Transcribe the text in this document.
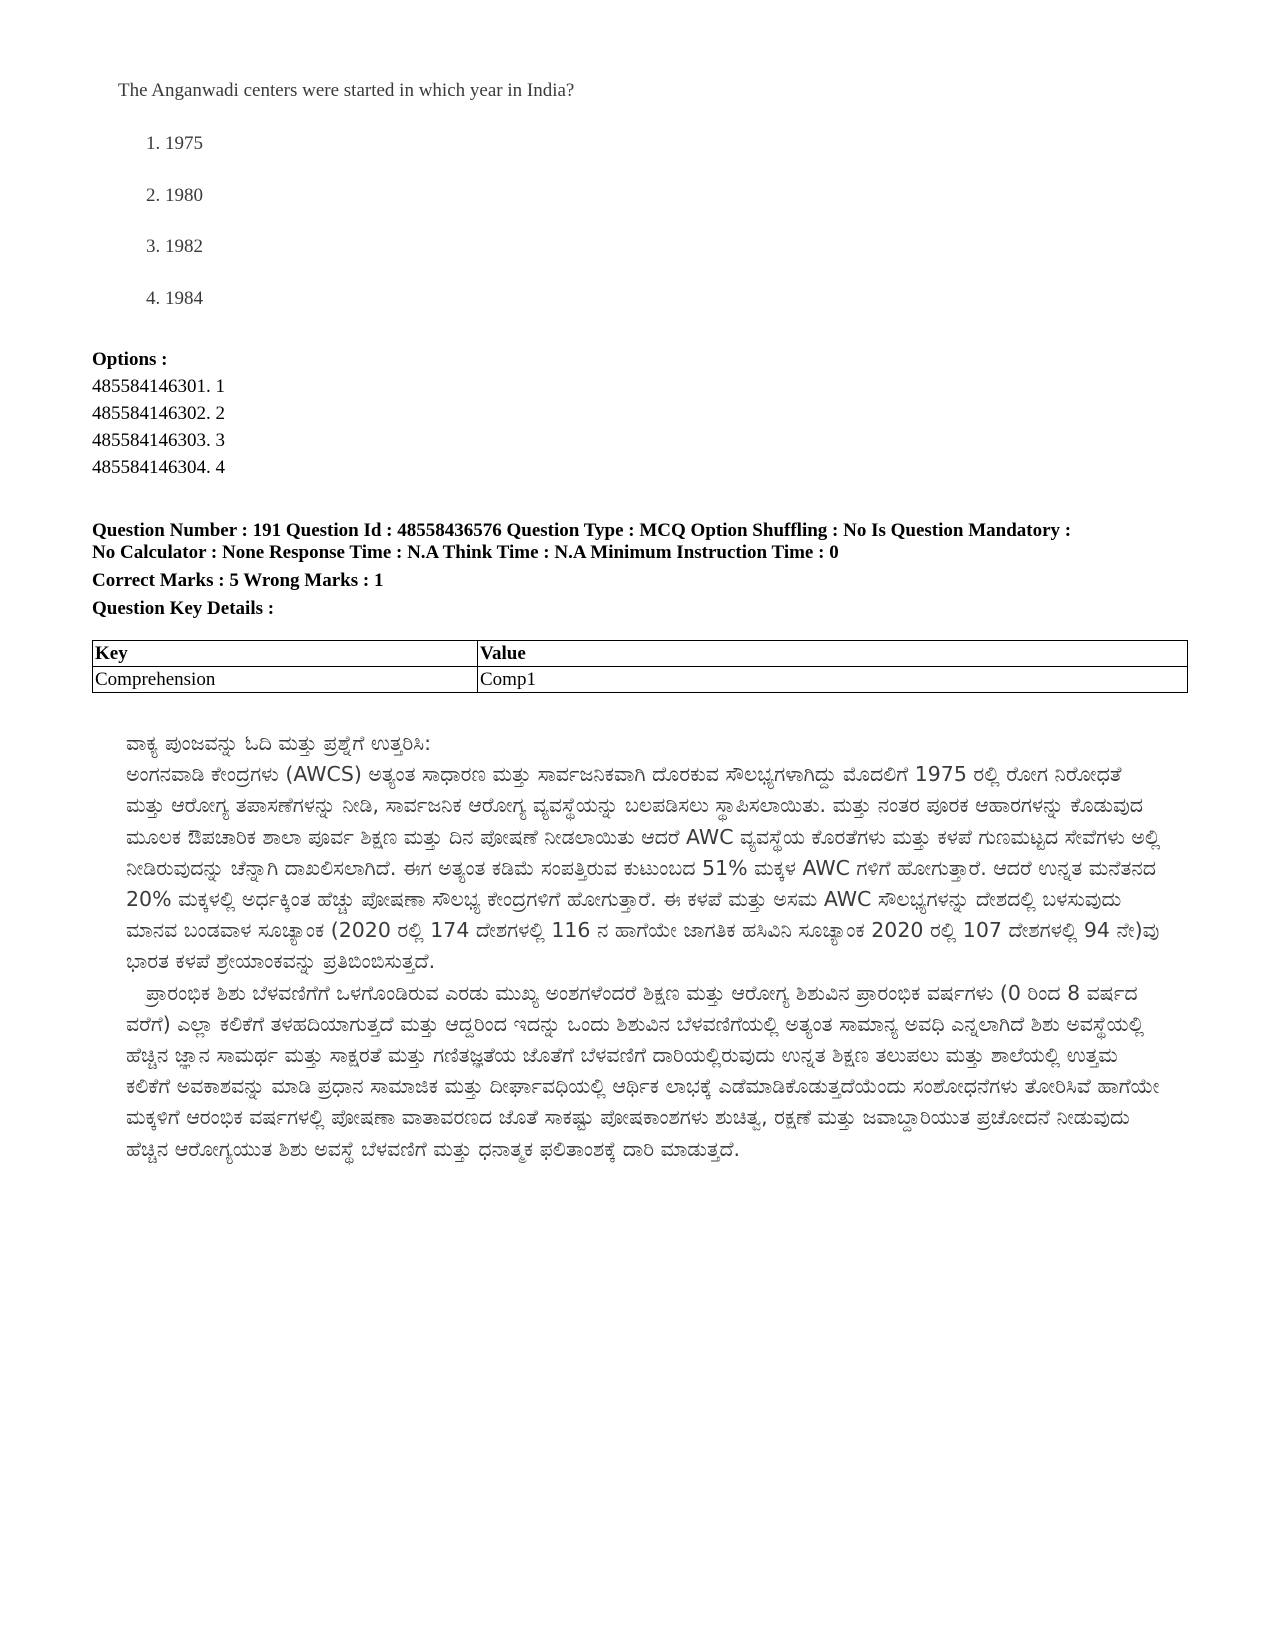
The Anganwadi centers were started in which year in India?
1. 1975
2. 1980
3. 1982
4. 1984
Options :
485584146301. 1
485584146302. 2
485584146303. 3
485584146304. 4
Question Number : 191 Question Id : 48558436576 Question Type : MCQ Option Shuffling : No Is Question Mandatory :
No Calculator : None Response Time : N.A Think Time : N.A Minimum Instruction Time : 0
Correct Marks : 5 Wrong Marks : 1
Question Key Details :
Key	Value
Comprehension	Comp1

ವಾಕ್ಯ ಪುಂಜವನ್ನು ಓದಿ ಮತ್ತು ಪ್ರಶ್ನೆಗೆ ಉತ್ತರಿಸಿ:

ಅಂಗನವಾಡಿ ಕೇಂದ್ರಗಳು (AWCS) ಅತ್ಯಂತ ಸಾಧಾರಣ ಮತ್ತು ಸಾರ್ವಜನಿಕವಾಗಿ ದೊರಕುವ ಸೌಲಭ್ಯಗಳಾಗಿದ್ದು ಮೊದಲಿಗೆ 1975 ರಲ್ಲಿ ರೋಗ ನಿರೋಧತೆ ಮತ್ತು ಆರೋಗ್ಯ ತಪಾಸಣೆಗಳನ್ನು ನೀಡಿ, ಸಾರ್ವಜನಿಕ ಆರೋಗ್ಯ ವ್ಯವಸ್ಥೆಯನ್ನು ಬಲಪಡಿಸಲು ಸ್ಥಾಪಿಸಲಾಯಿತು. ಮತ್ತು ನಂತರ ಪೂರಕ ಆಹಾರಗಳನ್ನು ಕೊಡುವುದ ಮೂಲಕ ಔಪಚಾರಿಕ ಶಾಲಾ ಪೂರ್ವ ಶಿಕ್ಷಣ ಮತ್ತು ದಿನ ಪೋಷಣೆ ನೀಡಲಾಯಿತು ಆದರೆ AWC ವ್ಯವಸ್ಥೆಯ ಕೊರತೆಗಳು ಮತ್ತು ಕಳಪೆ ಗುಣಮಟ್ಟದ ಸೇವೆಗಳು ಅಲ್ಲಿ ನೀಡಿರುವುದನ್ನು ಚೆನ್ನಾಗಿ ದಾಖಲಿಸಲಾಗಿದೆ. ಈಗ ಅತ್ಯಂತ ಕಡಿಮೆ ಸಂಪತ್ತಿರುವ ಕುಟುಂಬದ 51% ಮಕ್ಕಳ AWC ಗಳಿಗೆ ಹೋಗುತ್ತಾರೆ. ಆದರೆ ಉನ್ನತ ಮನೆತನದ 20% ಮಕ್ಕಳಲ್ಲಿ ಅರ್ಧಕ್ಕಿಂತ ಹೆಚ್ಚು ಪೋಷಣಾ ಸೌಲಭ್ಯ ಕೇಂದ್ರಗಳಿಗೆ ಹೋಗುತ್ತಾರೆ. ಈ ಕಳಪೆ ಮತ್ತು ಅಸಮ AWC ಸೌಲಭ್ಯಗಳನ್ನು ದೇಶದಲ್ಲಿ ಬಳಸುವುದು ಮಾನವ ಬಂಡವಾಳ ಸೂಚ್ಯಾಂಕ (2020 ರಲ್ಲಿ 174 ದೇಶಗಳಲ್ಲಿ 116 ನ ಹಾಗೆಯೇ ಜಾಗತಿಕ ಹಸಿವಿನಿ ಸೂಚ್ಯಾಂಕ 2020 ರಲ್ಲಿ 107 ದೇಶಗಳಲ್ಲಿ 94 ನೇ)ವು ಭಾರತ ಕಳಪೆ ಶ್ರೇಯಾಂಕವನ್ನು ಪ್ರತಿಬಿಂಬಿಸುತ್ತದೆ.

ಪ್ರಾರಂಭಿಕ ಶಿಶು ಬೆಳವಣಿಗೆಗೆ ಒಳಗೊಂಡಿರುವ ಎರಡು ಮುಖ್ಯ ಅಂಶಗಳೆಂದರೆ ಶಿಕ್ಷಣ ಮತ್ತು ಆರೋಗ್ಯ ಶಿಶುವಿನ ಪ್ರಾರಂಭಿಕ ವರ್ಷಗಳು (0 ರಿಂದ 8 ವರ್ಷದ ವರೆಗೆ) ಎಲ್ಲಾ ಕಲಿಕೆಗೆ ತಳಹದಿಯಾಗುತ್ತದೆ ಮತ್ತು ಆದ್ದರಿಂದ ಇದನ್ನು ಒಂದು ಶಿಶುವಿನ ಬೆಳವಣಿಗೆಯಲ್ಲಿ ಅತ್ಯಂತ ಸಾಮಾನ್ಯ ಅವಧಿ ಎನ್ನಲಾಗಿದೆ ಶಿಶು ಅವಸ್ಥೆಯಲ್ಲಿ ಹೆಚ್ಚಿನ ಜ್ಞಾನ ಸಾಮರ್ಥ ಮತ್ತು ಸಾಕ್ಷರತೆ ಮತ್ತು ಗಣಿತಜ್ಞತೆಯ ಜೊತೆಗೆ ಬೆಳವಣಿಗೆ ದಾರಿಯಲ್ಲಿರುವುದು ಉನ್ನತ ಶಿಕ್ಷಣ ತಲುಪಲು ಮತ್ತು ಶಾಲೆಯಲ್ಲಿ ಉತ್ತಮ ಕಲಿಕೆಗೆ ಅವಕಾಶವನ್ನು ಮಾಡಿ ಪ್ರಧಾನ ಸಾಮಾಜಿಕ ಮತ್ತು ದೀರ್ಘಾವಧಿಯಲ್ಲಿ ಆರ್ಥಿಕ ಲಾಭಕ್ಕೆ ಎಡೆಮಾಡಿಕೊಡುತ್ತದೆಯೆಂದು ಸಂಶೋಧನೆಗಳು ತೋರಿಸಿವೆ ಹಾಗೆಯೇ ಮಕ್ಕಳಿಗೆ ಆರಂಭಿಕ ವರ್ಷಗಳಲ್ಲಿ ಪೋಷಣಾ ವಾತಾವರಣದ ಜೊತೆ ಸಾಕಷ್ಟು ಪೋಷಕಾಂಶಗಳು ಶುಚಿತ್ವ, ರಕ್ಷಣೆ ಮತ್ತು ಜವಾಬ್ದಾರಿಯುತ ಪ್ರಚೋದನೆ ನೀಡುವುದು ಹೆಚ್ಚಿನ ಆರೋಗ್ಯಯುತ ಶಿಶು ಅವಸ್ಥೆ ಬೆಳವಣಿಗೆ ಮತ್ತು ಧನಾತ್ಮಕ ಫಲಿತಾಂಶಕ್ಕೆ ದಾರಿ ಮಾಡುತ್ತದೆ.
